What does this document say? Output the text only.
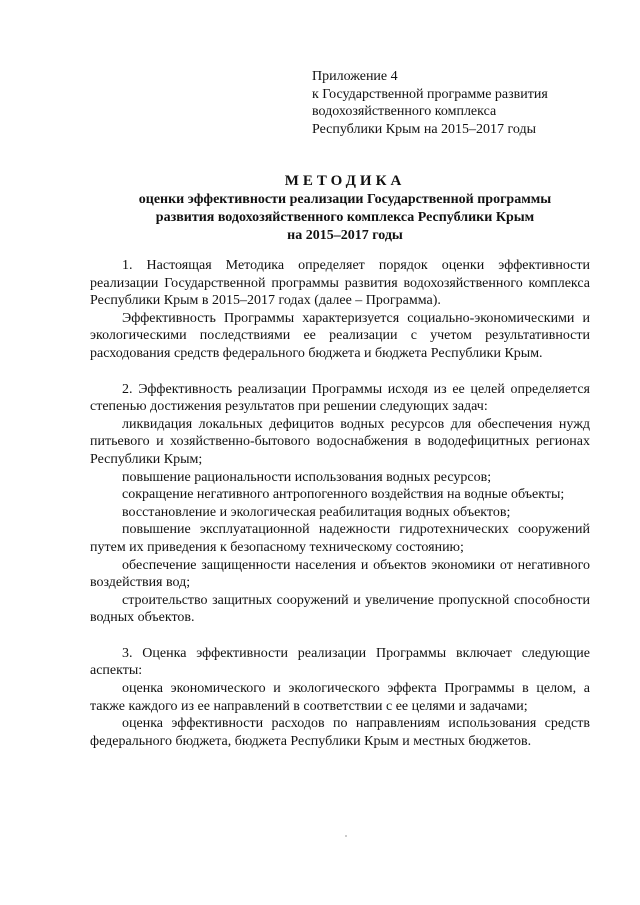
Приложение 4
к Государственной программе развития
водохозяйственного комплекса
Республики Крым на 2015–2017 годы
МЕТОДИКА
оценки эффективности реализации Государственной программы
развития водохозяйственного комплекса Республики Крым
на 2015–2017 годы

1. Настоящая Методика определяет порядок оценки эффективности реализации Государственной программы развития водохозяйственного комплекса Республики Крым в 2015–2017 годах (далее – Программа).

Эффективность Программы характеризуется социально-экономическими и экологическими последствиями ее реализации с учетом результативности расходования средств федерального бюджета и бюджета Республики Крым.

2. Эффективность реализации Программы исходя из ее целей определяется степенью достижения результатов при решении следующих задач:

ликвидация локальных дефицитов водных ресурсов для обеспечения нужд питьевого и хозяйственно-бытового водоснабжения в вододефицитных регионах Республики Крым;

повышение рациональности использования водных ресурсов;

сокращение негативного антропогенного воздействия на водные объекты;

восстановление и экологическая реабилитация водных объектов;

повышение эксплуатационной надежности гидротехнических сооружений путем их приведения к безопасному техническому состоянию;

обеспечение защищенности населения и объектов экономики от негативного воздействия вод;

строительство защитных сооружений и увеличение пропускной способности водных объектов.

3. Оценка эффективности реализации Программы включает следующие аспекты:

оценка экономического и экологического эффекта Программы в целом, а также каждого из ее направлений в соответствии с ее целями и задачами;

оценка эффективности расходов по направлениям использования средств федерального бюджета, бюджета Республики Крым и местных бюджетов.
